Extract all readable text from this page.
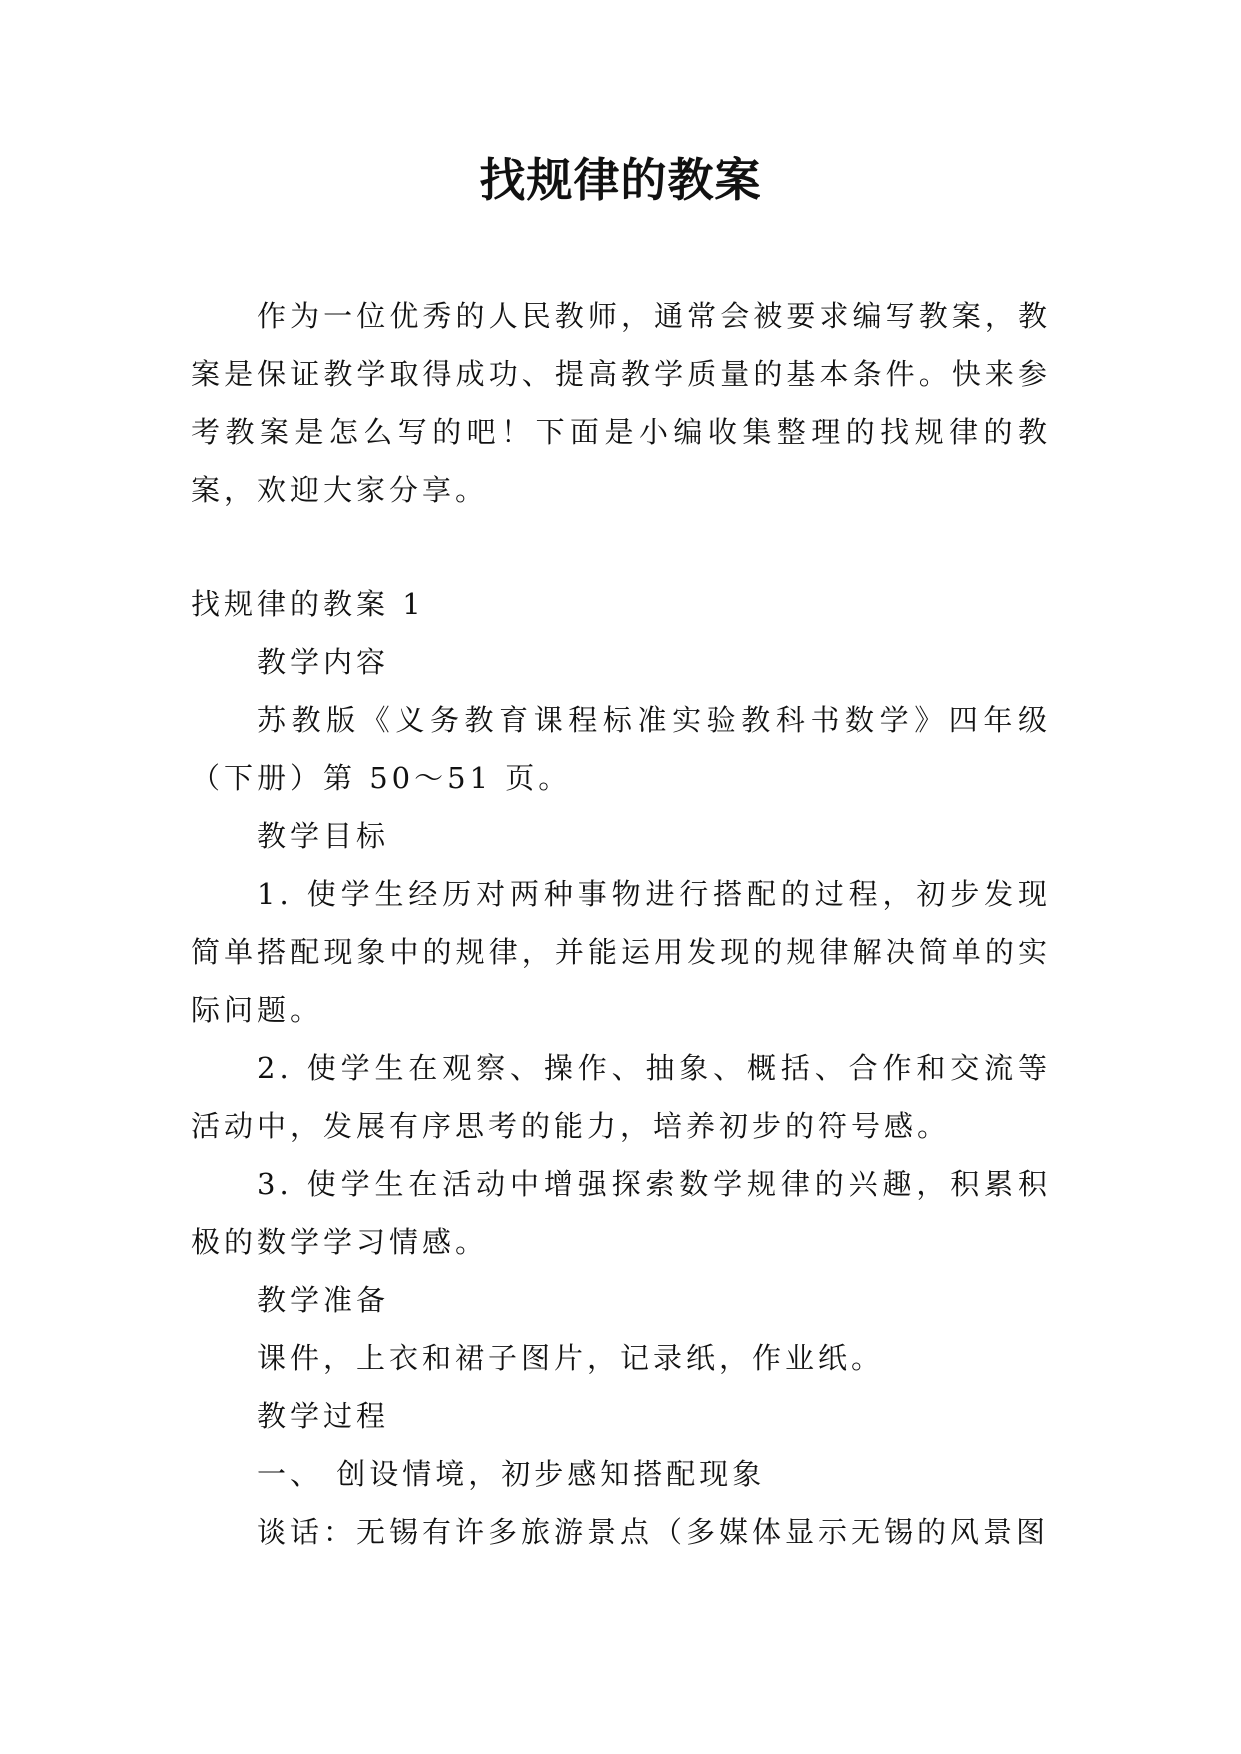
找规律的教案

作为一位优秀的人民教师，通常会被要求编写教案，教案是保证教学取得成功、提高教学质量的基本条件。快来参考教案是怎么写的吧！下面是小编收集整理的找规律的教案，欢迎大家分享。

找规律的教案 1

教学内容

苏教版《义务教育课程标准实验教科书数学》四年级（下册）第 50～51 页。

教学目标

1. 使学生经历对两种事物进行搭配的过程，初步发现简单搭配现象中的规律，并能运用发现的规律解决简单的实际问题。

2. 使学生在观察、操作、抽象、概括、合作和交流等活动中，发展有序思考的能力，培养初步的符号感。

3. 使学生在活动中增强探索数学规律的兴趣，积累积极的数学学习情感。

教学准备

课件，上衣和裙子图片，记录纸，作业纸。

教学过程

一、 创设情境，初步感知搭配现象

谈话：无锡有许多旅游景点（多媒体显示无锡的风景图
